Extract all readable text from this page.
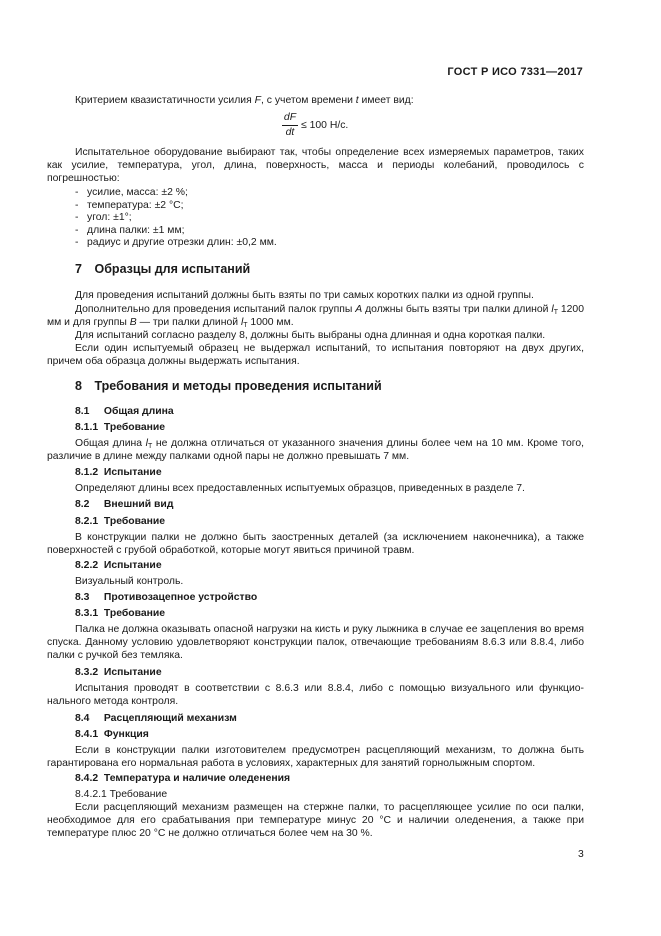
ГОСТ Р ИСО 7331—2017
Критерием квазистатичности усилия F, с учетом времени t имеет вид:
$\frac{dF}{dt} \le 100$ Н/с.
Испытательное оборудование выбирают так, чтобы определение всех измеряемых параметров, таких как усилие, температура, угол, длина, поверхность, масса и периоды колебаний, проводилось с погрешностью:
- усилие, масса: ±2 %;
- температура: ±2 °С;
- угол: ±1°;
- длина палки: ±1 мм;
- радиус и другие отрезки длин: ±0,2 мм.
7 Образцы для испытаний
Для проведения испытаний должны быть взяты по три самых коротких палки из одной группы.
Дополнительно для проведения испытаний палок группы A должны быть взяты три палки длиной $l_T$ 1200 мм и для группы B — три палки длиной $l_T$ 1000 мм.
Для испытаний согласно разделу 8, должны быть выбраны одна длинная и одна короткая палки.
Если один испытуемый образец не выдержал испытаний, то испытания повторяют на двух других, причем оба образца должны выдержать испытания.
8 Требования и методы проведения испытаний
8.1 Общая длина
8.1.1 Требование
Общая длина $l_T$ не должна отличаться от указанного значения длины более чем на 10 мм. Кроме того, различие в длине между палками одной пары не должно превышать 7 мм.
8.1.2 Испытание
Определяют длины всех предоставленных испытуемых образцов, приведенных в разделе 7.
8.2 Внешний вид
8.2.1 Требование
В конструкции палки не должно быть заостренных деталей (за исключением наконечника), а также поверхностей с грубой обработкой, которые могут явиться причиной травм.
8.2.2 Испытание
Визуальный контроль.
8.3 Противозацепное устройство
8.3.1 Требование
Палка не должна оказывать опасной нагрузки на кисть и руку лыжника в случае ее зацепления во время спуска. Данному условию удовлетворяют конструкции палок, отвечающие требованиям 8.6.3 или 8.8.4, либо палки с ручкой без темляка.
8.3.2 Испытание
Испытания проводят в соответствии с 8.6.3 или 8.8.4, либо с помощью визуального или функцио-нального метода контроля.
8.4 Расцепляющий механизм
8.4.1 Функция
Если в конструкции палки изготовителем предусмотрен расцепляющий механизм, то должна быть гарантирована его нормальная работа в условиях, характерных для занятий горнолыжным спортом.
8.4.2 Температура и наличие оледенения
8.4.2.1 Требование
Если расцепляющий механизм размещен на стержне палки, то расцепляющее усилие по оси палки, необходимое для его срабатывания при температуре минус 20 °С и наличии оледенения, а также при температуре плюс 20 °С не должно отличаться более чем на 30 %.
3
